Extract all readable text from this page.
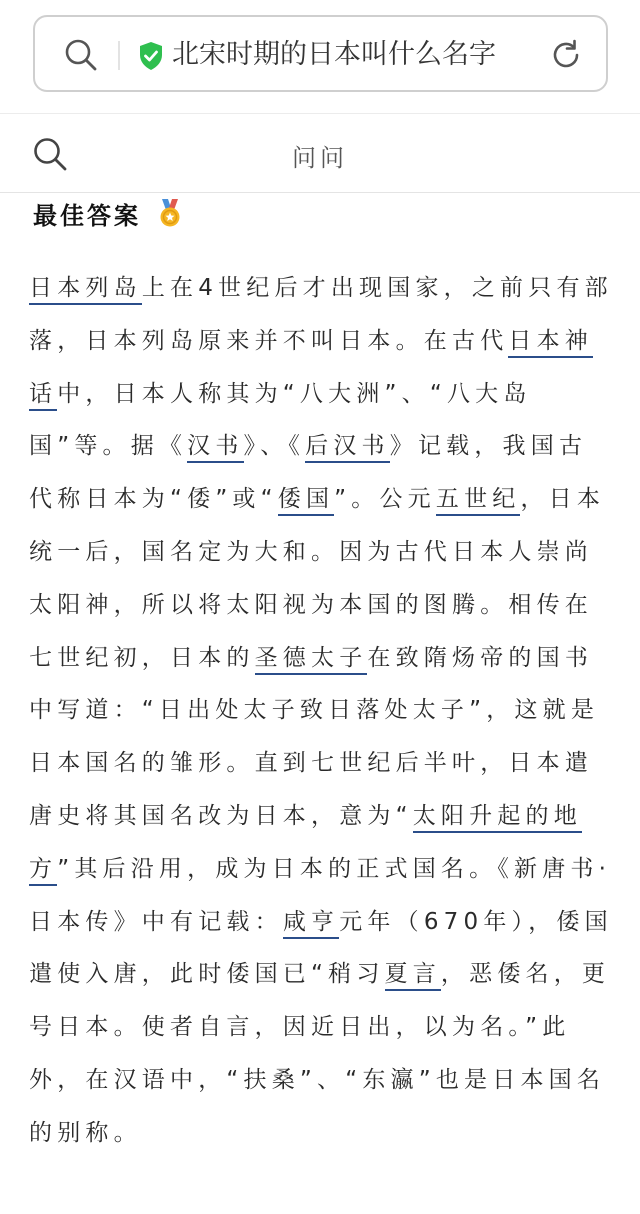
北宋时期的日本叫什么名字
问问
最佳答案
日本列岛上在4世纪后才出现国家，之前只有部落，日本列岛原来并不叫日本。在古代日本神话中，日本人称其为“八大洲”、“八大岛国”等。据《汉书》、《后汉书》记载，我国古代称日本为“倭”或“倭国”。公元五世纪，日本统一后，国名定为大和。因为古代日本人崇尚太阳神，所以将太阳视为本国的图腾。相传在七世纪初，日本的圣德太子在致隋炀帝的国书中写道：“日出处太子致日落处太子”，这就是日本国名的雏形。直到七世纪后半叶，日本遣唐史将其国名改为日本，意为“太阳升起的地方”其后沿用，成为日本的正式国名。《新唐书·日本传》中有记载：咸亨元年（670年），倭国遣使入唐，此时倭国已“稍习夏言，恶倭名，更号日本。使者自言，因近日出，以为名。”此外，在汉语中，“扶桑”、“东瀛”也是日本国名的别称。
